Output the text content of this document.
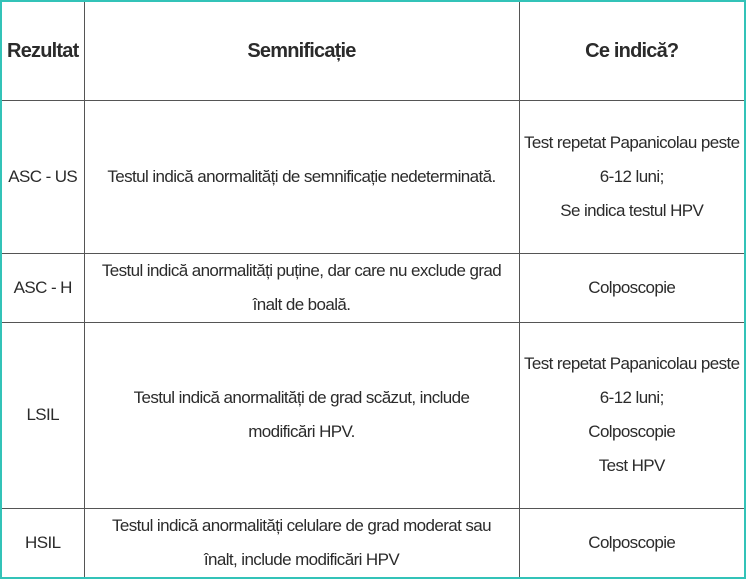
Rezultat	Semnificație	Ce indică?
ASC - US	Testul indică anormalități de semnificație nedeterminată.	Test repetat Papanicolau peste
6-12 luni;
Se indica testul HPV

ASC - H	Testul indică anormalități puține, dar care nu exclude grad
înalt de boală.	Colposcopie

LSIL	Testul indică anormalități de grad scăzut, include
modificări HPV.	Test repetat Papanicolau peste
6-12 luni;
Colposcopie
Test HPV

HSIL	Testul indică anormalități celulare de grad moderat sau
înalt, include modificări HPV	Colposcopie
